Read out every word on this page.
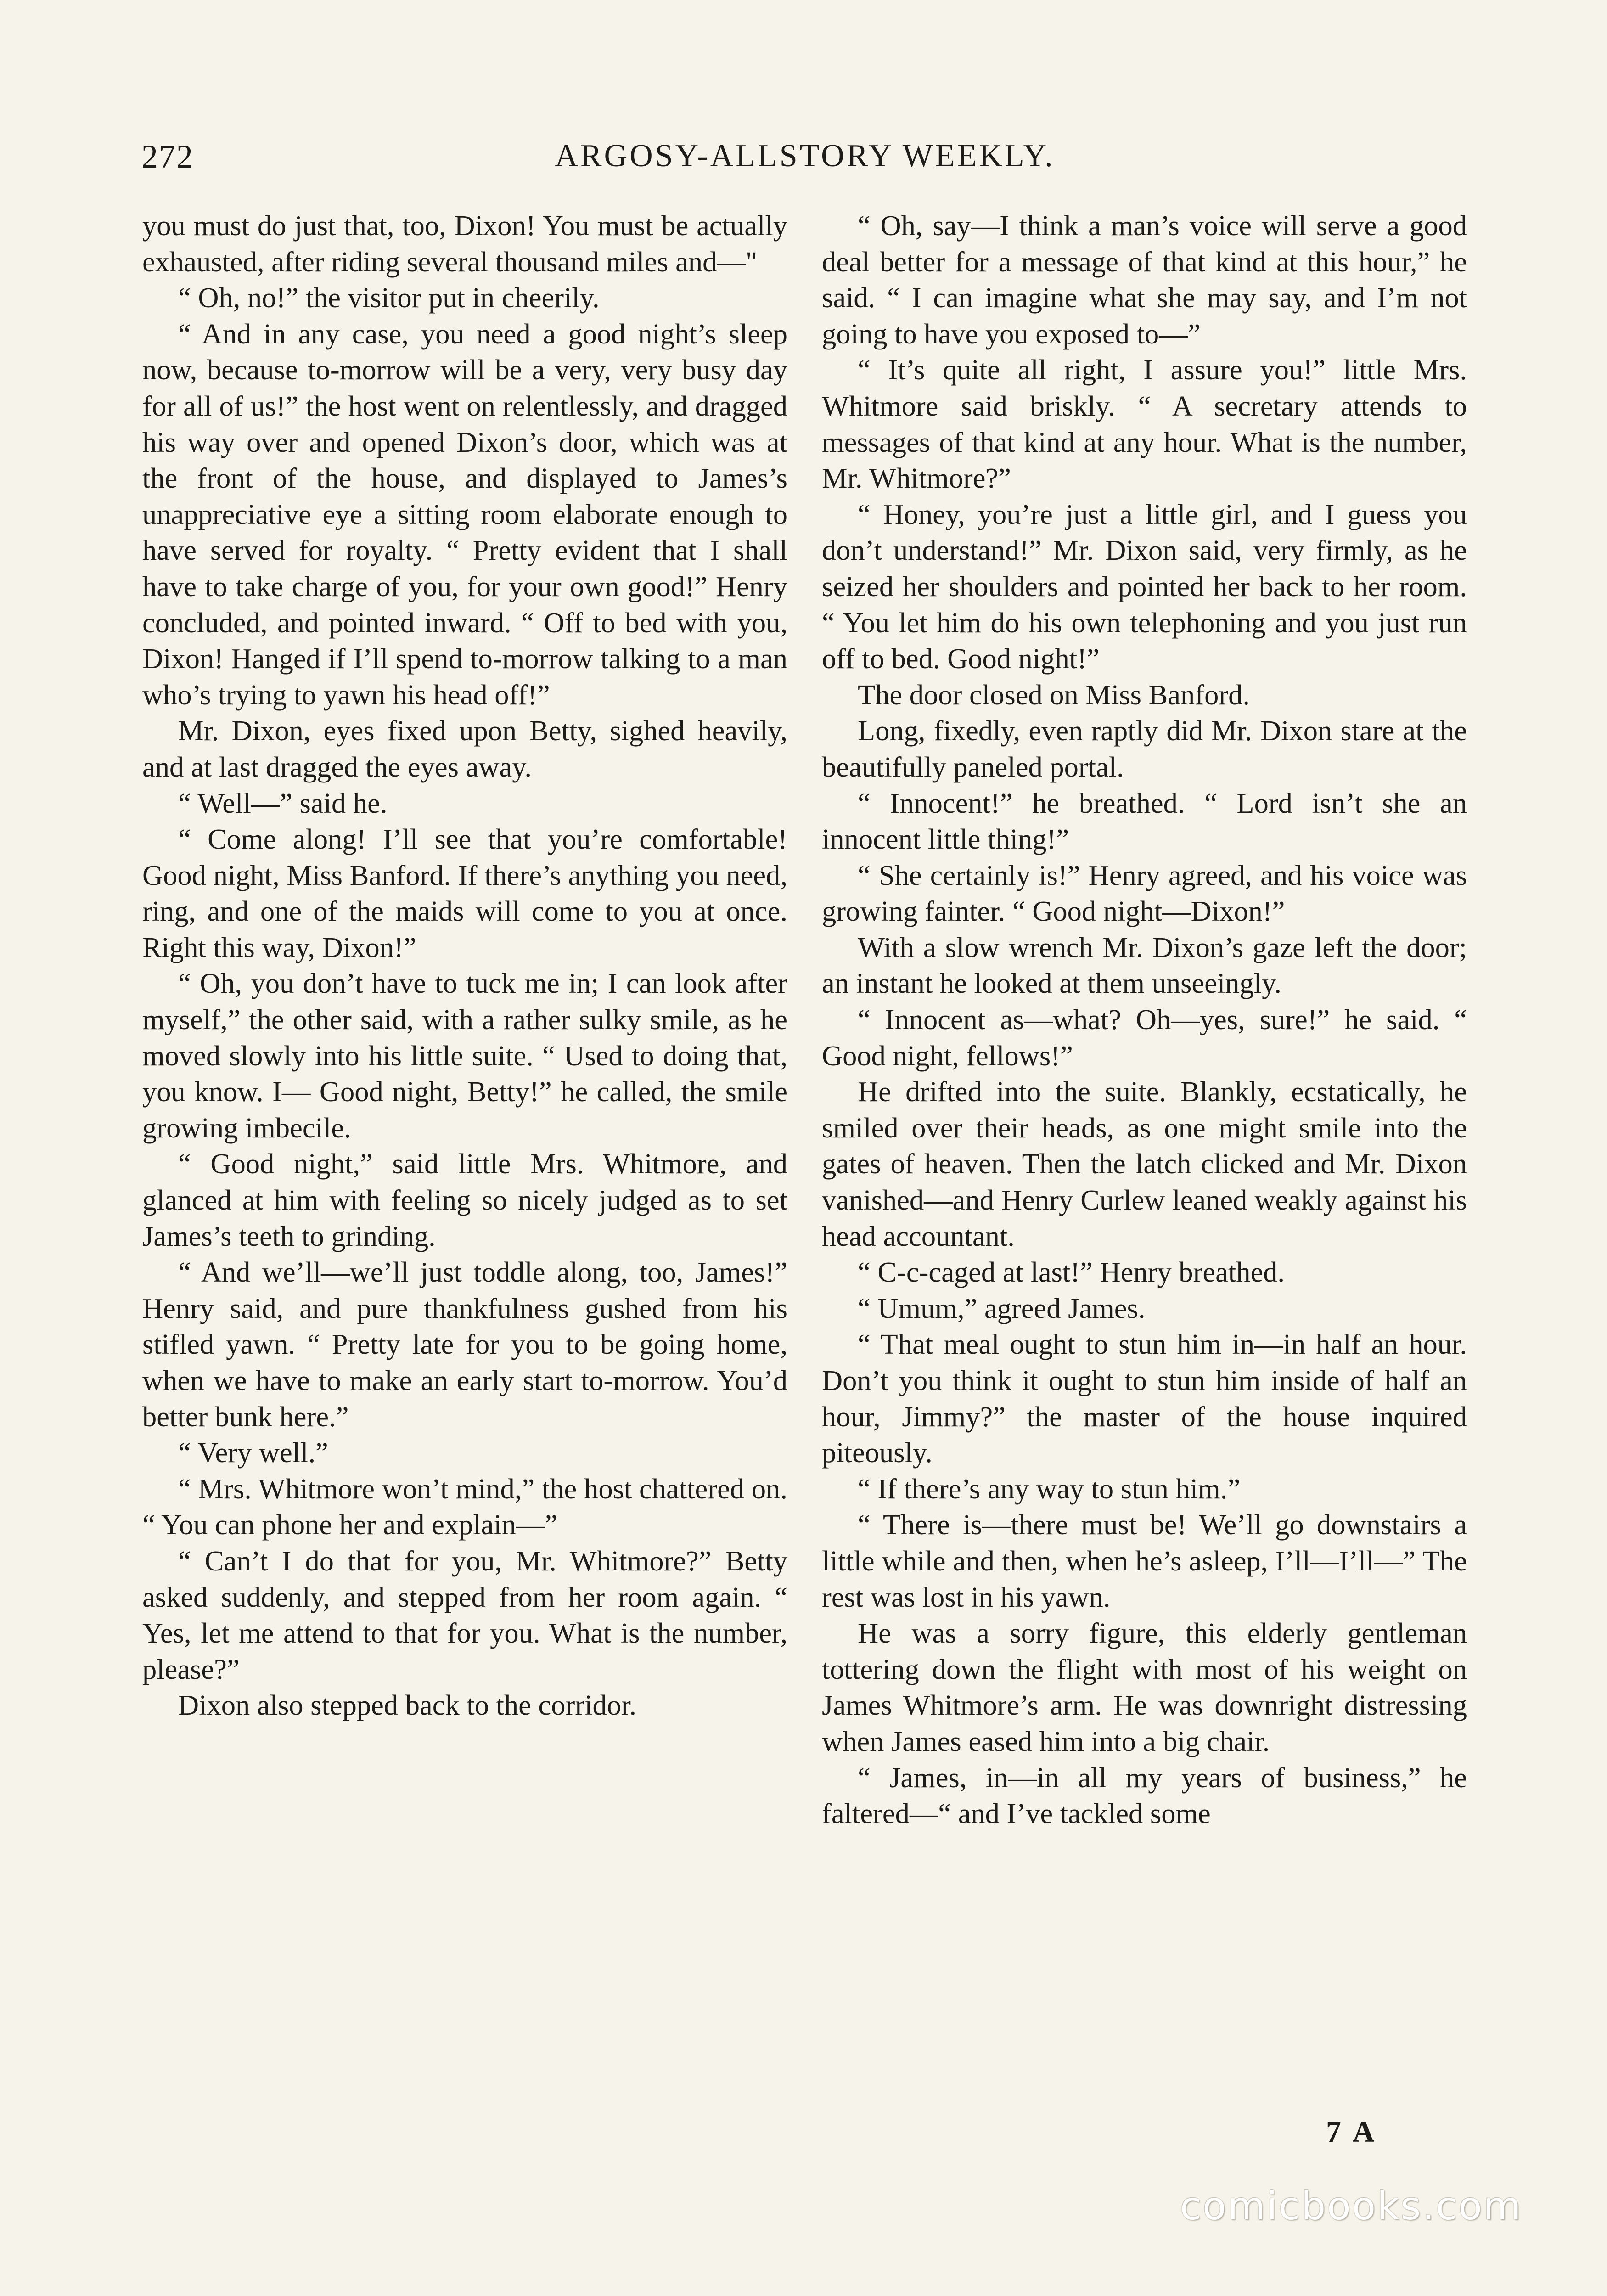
272	ARGOSY-ALLSTORY WEEKLY.

you must do just that, too, Dixon! You must be actually exhausted, after riding several thousand miles and—"

“ Oh, no!” the visitor put in cheerily.

“ And in any case, you need a good night’s sleep now, because to-morrow will be a very, very busy day for all of us!” the host went on relentlessly, and dragged his way over and opened Dixon’s door, which was at the front of the house, and displayed to James’s unappreciative eye a sitting room elaborate enough to have served for royalty. “ Pretty evident that I shall have to take charge of you, for your own good!” Henry concluded, and pointed inward. “ Off to bed with you, Dixon! Hanged if I’ll spend to-morrow talking to a man who’s trying to yawn his head off!”

Mr. Dixon, eyes fixed upon Betty, sighed heavily, and at last dragged the eyes away.

“ Well—” said he.

“ Come along! I’ll see that you’re comfortable! Good night, Miss Banford. If there’s anything you need, ring, and one of the maids will come to you at once. Right this way, Dixon!”

“ Oh, you don’t have to tuck me in; I can look after myself,” the other said, with a rather sulky smile, as he moved slowly into his little suite. “ Used to doing that, you know. I— Good night, Betty!” he called, the smile growing imbecile.

“ Good night,” said little Mrs. Whitmore, and glanced at him with feeling so nicely judged as to set James’s teeth to grinding.

“ And we’ll—we’ll just toddle along, too, James!” Henry said, and pure thankfulness gushed from his stifled yawn. “ Pretty late for you to be going home, when we have to make an early start to-morrow. You’d better bunk here.”

“ Very well.”

“ Mrs. Whitmore won’t mind,” the host chattered on. “ You can phone her and explain—”

“ Can’t I do that for you, Mr. Whitmore?” Betty asked suddenly, and stepped from her room again. “ Yes, let me attend to that for you. What is the number, please?”

Dixon also stepped back to the corridor.

“ Oh, say—I think a man’s voice will serve a good deal better for a message of that kind at this hour,” he said. “ I can imagine what she may say, and I’m not going to have you exposed to—”

“ It’s quite all right, I assure you!” little Mrs. Whitmore said briskly. “ A secretary attends to messages of that kind at any hour. What is the number, Mr. Whitmore?”

“ Honey, you’re just a little girl, and I guess you don’t understand!” Mr. Dixon said, very firmly, as he seized her shoulders and pointed her back to her room. “ You let him do his own telephoning and you just run off to bed. Good night!”

The door closed on Miss Banford.

Long, fixedly, even raptly did Mr. Dixon stare at the beautifully paneled portal.

“ Innocent!” he breathed. “ Lord isn’t she an innocent little thing!”

“ She certainly is!” Henry agreed, and his voice was growing fainter. “ Good night—Dixon!”

With a slow wrench Mr. Dixon’s gaze left the door; an instant he looked at them unseeingly.

“ Innocent as—what? Oh—yes, sure!” he said. “ Good night, fellows!”

He drifted into the suite. Blankly, ecstatically, he smiled over their heads, as one might smile into the gates of heaven. Then the latch clicked and Mr. Dixon vanished—and Henry Curlew leaned weakly against his head accountant.

“ C-c-caged at last!” Henry breathed.

“ Umum,” agreed James.

“ That meal ought to stun him in—in half an hour. Don’t you think it ought to stun him inside of half an hour, Jimmy?” the master of the house inquired piteously.

“ If there’s any way to stun him.”

“ There is—there must be! We’ll go downstairs a little while and then, when he’s asleep, I’ll—I’ll—” The rest was lost in his yawn.

He was a sorry figure, this elderly gentleman tottering down the flight with most of his weight on James Whitmore’s arm. He was downright distressing when James eased him into a big chair.

“ James, in—in all my years of business,” he faltered—“ and I’ve tackled some

7 A
comicbooks.com
